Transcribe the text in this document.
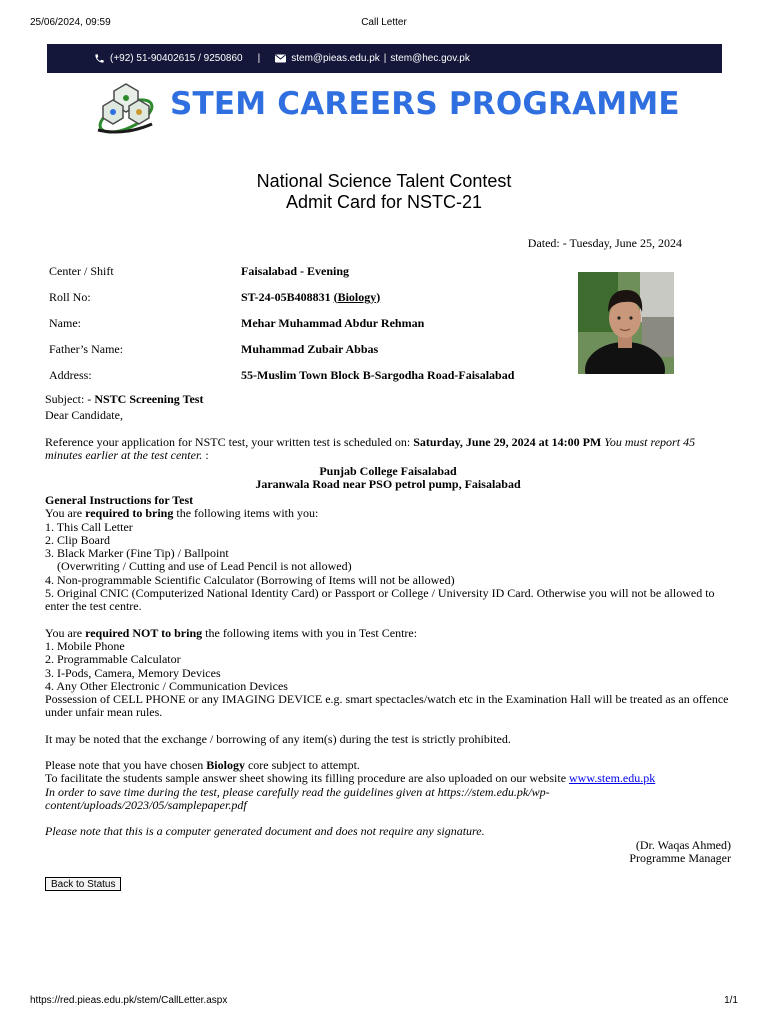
25/06/2024, 09:59	Call Letter
(+92) 51-90402615 / 9250860 |	stem@pieas.edu.pk | stem@hec.gov.pk
STEM CAREERS PROGRAMME
National Science Talent Contest
Admit Card for NSTC-21
Dated: - Tuesday, June 25, 2024
Center / Shift	Faisalabad - Evening
Roll No:	ST-24-05B408831 (Biology)
Name:	Mehar Muhammad Abdur Rehman
Father’s Name:	Muhammad Zubair Abbas
Address:	55-Muslim Town Block B-Sargodha Road-Faisalabad
Subject: - NSTC Screening Test
Dear Candidate,
Reference your application for NSTC test, your written test is scheduled on: Saturday, June 29, 2024 at 14:00 PM You must report 45 minutes earlier at the test center. :
Punjab College Faisalabad
Jaranwala Road near PSO petrol pump, Faisalabad
General Instructions for Test
You are required to bring the following items with you:
1. This Call Letter
2. Clip Board
3. Black Marker (Fine Tip) / Ballpoint
(Overwriting / Cutting and use of Lead Pencil is not allowed)
4. Non-programmable Scientific Calculator (Borrowing of Items will not be allowed)
5. Original CNIC (Computerized National Identity Card) or Passport or College / University ID Card. Otherwise you will not be allowed to enter the test centre.
You are required NOT to bring the following items with you in Test Centre:
1. Mobile Phone
2. Programmable Calculator
3. I-Pods, Camera, Memory Devices
4. Any Other Electronic / Communication Devices
Possession of CELL PHONE or any IMAGING DEVICE e.g. smart spectacles/watch etc in the Examination Hall will be treated as an offence under unfair mean rules.
It may be noted that the exchange / borrowing of any item(s) during the test is strictly prohibited.
Please note that you have chosen Biology core subject to attempt.
To facilitate the students sample answer sheet showing its filling procedure are also uploaded on our website www.stem.edu.pk
In order to save time during the test, please carefully read the guidelines given at https://stem.edu.pk/wp-content/uploads/2023/05/samplepaper.pdf
Please note that this is a computer generated document and does not require any signature.
(Dr. Waqas Ahmed)
Programme Manager
Back to Status
https://red.pieas.edu.pk/stem/CallLetter.aspx	1/1
